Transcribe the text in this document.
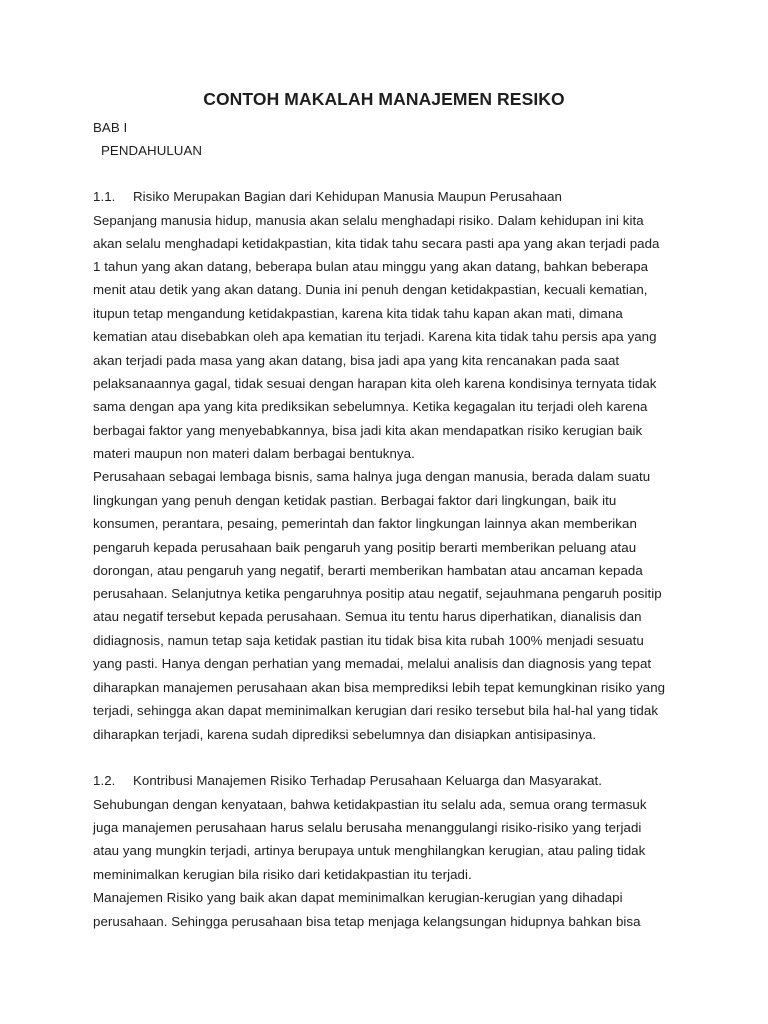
CONTOH MAKALAH MANAJEMEN RESIKO

BAB I

PENDAHULUAN

1.1. Risiko Merupakan Bagian dari Kehidupan Manusia Maupun Perusahaan

Sepanjang manusia hidup, manusia akan selalu menghadapi risiko. Dalam kehidupan ini kita

akan selalu menghadapi ketidakpastian, kita tidak tahu secara pasti apa yang akan terjadi pada

1 tahun yang akan datang, beberapa bulan atau minggu yang akan datang, bahkan beberapa

menit atau detik yang akan datang. Dunia ini penuh dengan ketidakpastian, kecuali kematian,

itupun tetap mengandung ketidakpastian, karena kita tidak tahu kapan akan mati, dimana

kematian atau disebabkan oleh apa kematian itu terjadi. Karena kita tidak tahu persis apa yang

akan terjadi pada masa yang akan datang, bisa jadi apa yang kita rencanakan pada saat

pelaksanaannya gagal, tidak sesuai dengan harapan kita oleh karena kondisinya ternyata tidak

sama dengan apa yang kita prediksikan sebelumnya. Ketika kegagalan itu terjadi oleh karena

berbagai faktor yang menyebabkannya, bisa jadi kita akan mendapatkan risiko kerugian baik

materi maupun non materi dalam berbagai bentuknya.

Perusahaan sebagai lembaga bisnis, sama halnya juga dengan manusia, berada dalam suatu

lingkungan yang penuh dengan ketidak pastian. Berbagai faktor dari lingkungan, baik itu

konsumen, perantara, pesaing, pemerintah dan faktor lingkungan lainnya akan memberikan

pengaruh kepada perusahaan baik pengaruh yang positip berarti memberikan peluang atau

dorongan, atau pengaruh yang negatif, berarti memberikan hambatan atau ancaman kepada

perusahaan. Selanjutnya ketika pengaruhnya positip atau negatif, sejauhmana pengaruh positip

atau negatif tersebut kepada perusahaan. Semua itu tentu harus diperhatikan, dianalisis dan

didiagnosis, namun tetap saja ketidak pastian itu tidak bisa kita rubah 100% menjadi sesuatu

yang pasti. Hanya dengan perhatian yang memadai, melalui analisis dan diagnosis yang tepat

diharapkan manajemen perusahaan akan bisa memprediksi lebih tepat kemungkinan risiko yang

terjadi, sehingga akan dapat meminimalkan kerugian dari resiko tersebut bila hal-hal yang tidak

diharapkan terjadi, karena sudah diprediksi sebelumnya dan disiapkan antisipasinya.

1.2. Kontribusi Manajemen Risiko Terhadap Perusahaan Keluarga dan Masyarakat.

Sehubungan dengan kenyataan, bahwa ketidakpastian itu selalu ada, semua orang termasuk

juga manajemen perusahaan harus selalu berusaha menanggulangi risiko-risiko yang terjadi

atau yang mungkin terjadi, artinya berupaya untuk menghilangkan kerugian, atau paling tidak

meminimalkan kerugian bila risiko dari ketidakpastian itu terjadi.

Manajemen Risiko yang baik akan dapat meminimalkan kerugian-kerugian yang dihadapi

perusahaan. Sehingga perusahaan bisa tetap menjaga kelangsungan hidupnya bahkan bisa
